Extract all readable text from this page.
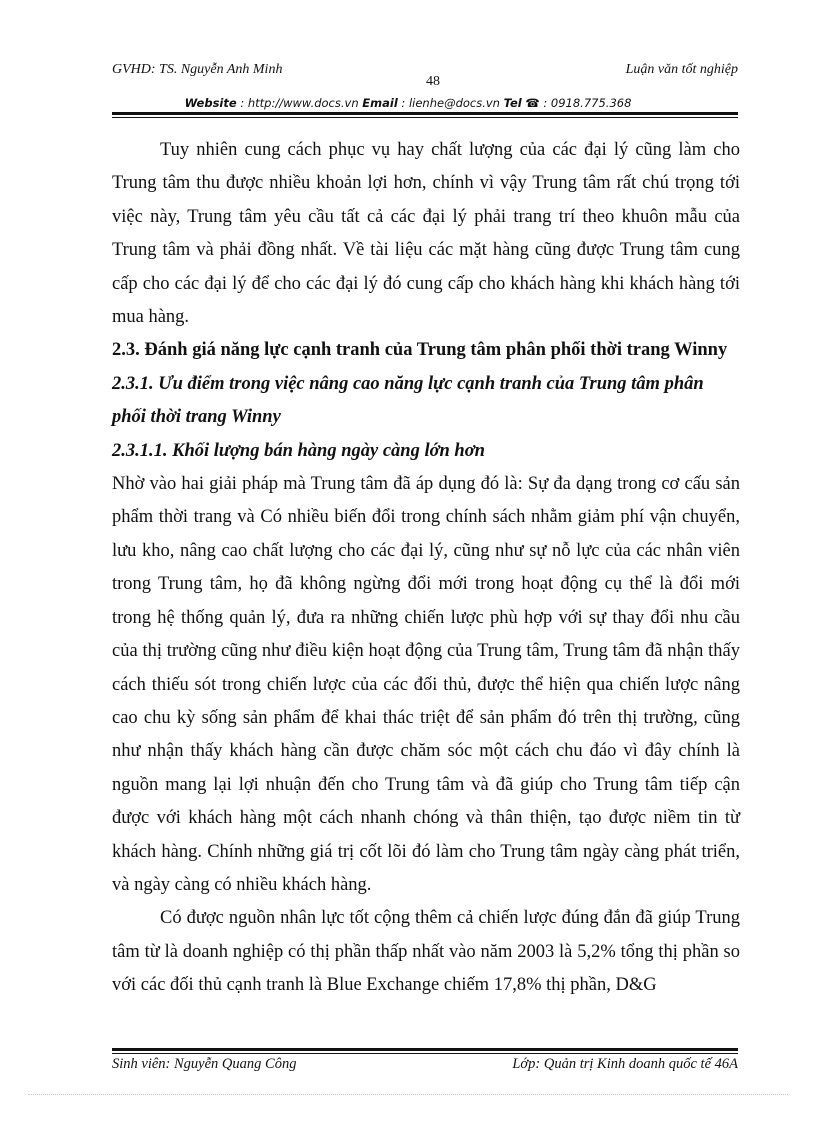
GVHD: TS. Nguyễn Anh Minh	Luận văn tốt nghiệp
48
Website : http://www.docs.vn Email : lienhe@docs.vn Tel ☎ : 0918.775.368

Tuy nhiên cung cách phục vụ hay chất lượng của các đại lý cũng làm cho Trung tâm thu được nhiều khoản lợi hơn, chính vì vậy Trung tâm rất chú trọng tới việc này, Trung tâm yêu cầu tất cả các đại lý phải trang trí theo khuôn mẫu của Trung tâm và phải đồng nhất. Về tài liệu các mặt hàng cũng được Trung tâm cung cấp cho các đại lý để cho các đại lý đó cung cấp cho khách hàng khi khách hàng tới mua hàng.

2.3. Đánh giá năng lực cạnh tranh của Trung tâm phân phối thời trang Winny

2.3.1. Ưu điểm trong việc nâng cao năng lực cạnh tranh của Trung tâm phân phối thời trang Winny

2.3.1.1. Khối lượng bán hàng ngày càng lớn hơn

Nhờ vào hai giải pháp mà Trung tâm đã áp dụng đó là: Sự đa dạng trong cơ cấu sản phẩm thời trang và Có nhiều biến đổi trong chính sách nhằm giảm phí vận chuyển, lưu kho, nâng cao chất lượng cho các đại lý, cũng như sự nỗ lực của các nhân viên trong Trung tâm, họ đã không ngừng đổi mới trong hoạt động cụ thể là đổi mới trong hệ thống quản lý, đưa ra những chiến lược phù hợp với sự thay đổi nhu cầu của thị trường cũng như điều kiện hoạt động của Trung tâm, Trung tâm đã nhận thấy cách thiếu sót trong chiến lược của các đối thủ, được thể hiện qua chiến lược nâng cao chu kỳ sống sản phẩm để khai thác triệt để sản phẩm đó trên thị trường, cũng như nhận thấy khách hàng cần được chăm sóc một cách chu đáo vì đây chính là nguồn mang lại lợi nhuận đến cho Trung tâm và đã giúp cho Trung tâm tiếp cận được với khách hàng một cách nhanh chóng và thân thiện, tạo được niềm tin từ khách hàng. Chính những giá trị cốt lõi đó làm cho Trung tâm ngày càng phát triển, và ngày càng có nhiều khách hàng.

Có được nguồn nhân lực tốt cộng thêm cả chiến lược đúng đắn đã giúp Trung tâm từ là doanh nghiệp có thị phần thấp nhất vào năm 2003 là 5,2% tổng thị phần so với các đối thủ cạnh tranh là Blue Exchange chiếm 17,8% thị phần, D&G

Sinh viên: Nguyễn Quang Công	Lớp: Quản trị Kinh doanh quốc tế 46A
